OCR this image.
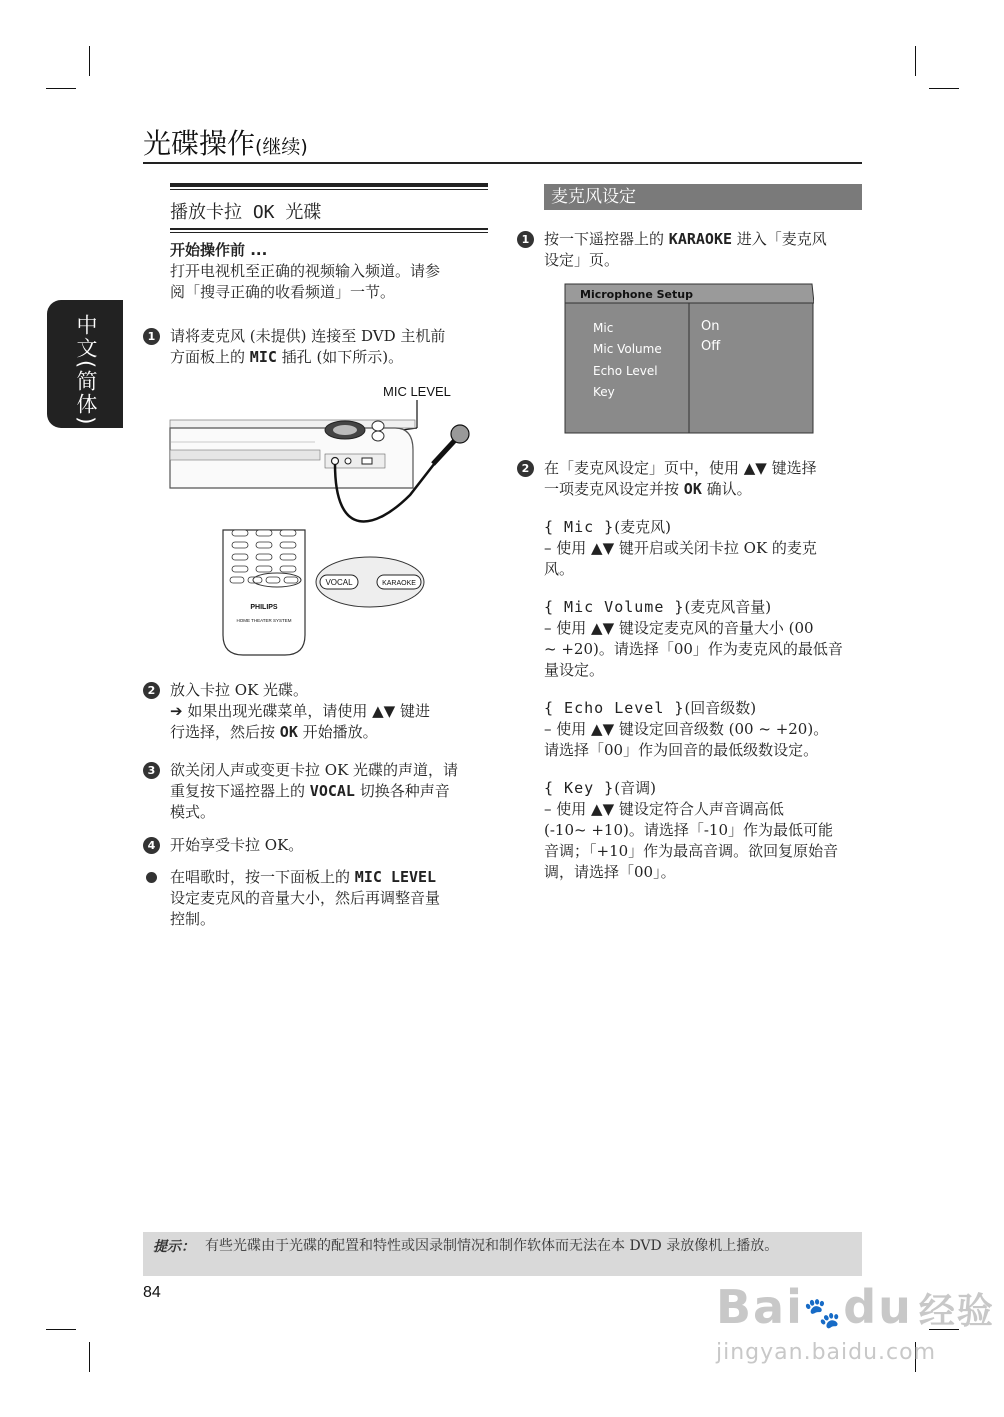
光碟操作(继续)
中文(简体)
播放卡拉 OK 光碟
开始操作前 ...
打开电视机至正确的视频输入频道。请参
阅「搜寻正确的收看频道」一节。
1 请将麦克风 (未提供) 连接至 DVD 主机前
方面板上的 MIC 插孔 (如下所示)。
MIC LEVEL
PHILIPS
HOME THEATER SYSTEM
VOCAL	KARAOKE
2 放入卡拉 OK 光碟。
➔ 如果出现光碟菜单，请使用 ▲▼ 键进
行选择，然后按 OK 开始播放。
3 欲关闭人声或变更卡拉 OK 光碟的声道，请
重复按下遥控器上的 VOCAL 切换各种声音
模式。
4 开始享受卡拉 OK。
在唱歌时，按一下面板上的 MIC LEVEL
设定麦克风的音量大小，然后再调整音量
控制。
麦克风设定
1 按一下遥控器上的 KARAOKE 进入「麦克风
设定」页。
Microphone Setup
Mic
Mic Volume
Echo Level
Key
On
Off
2 在「麦克风设定」页中，使用 ▲▼ 键选择
一项麦克风设定并按 OK 确认。
{ Mic }(麦克风)
– 使用 ▲▼ 键开启或关闭卡拉 OK 的麦克
风。
{ Mic Volume }(麦克风音量)
– 使用 ▲▼ 键设定麦克风的音量大小 (00
~ +20)。请选择「00」作为麦克风的最低音
量设定。
{ Echo Level }(回音级数)
– 使用 ▲▼ 键设定回音级数 (00 ~ +20)。
请选择「00」作为回音的最低级数设定。
{ Key }(音调)
– 使用 ▲▼ 键设定符合人声音调高低
(-10~ +10)。请选择「-10」作为最低可能
音调；「+10」作为最高音调。欲回复原始音
调，请选择「00」。
提示： 有些光碟由于光碟的配置和特性或因录制情况和制作软体而无法在本 DVD 录放像机上播放。
84	Bai🐾du 经验
jingyan.baidu.com
